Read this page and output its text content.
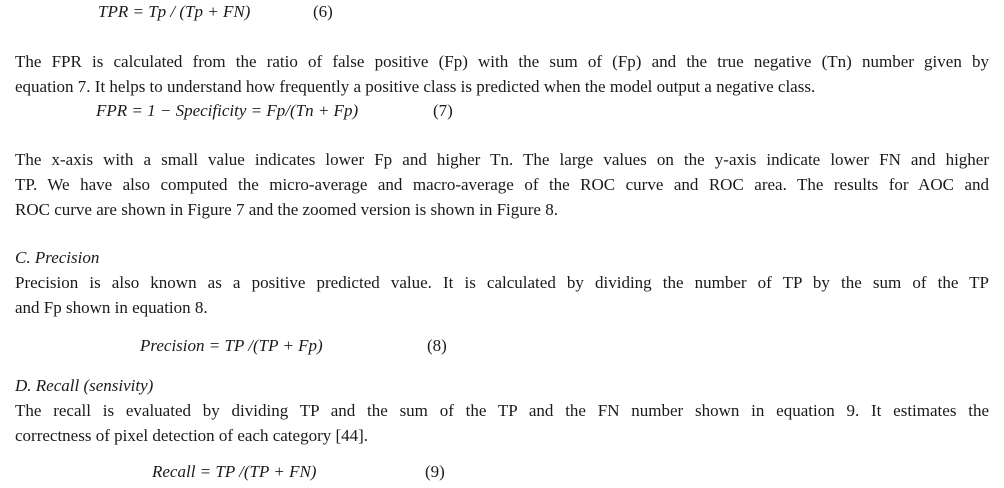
TPR = Tp / (Tp + FN)	(6)
The FPR is calculated from the ratio of false positive (Fp) with the sum of (Fp) and the true negative (Tn) number given by
equation 7. It helps to understand how frequently a positive class is predicted when the model output a negative class.
FPR = 1 − Specificity = Fp/(Tn + Fp)	(7)
The x-axis with a small value indicates lower Fp and higher Tn. The large values on the y-axis indicate lower FN and higher
TP. We have also computed the micro-average and macro-average of the ROC curve and ROC area. The results for AOC and
ROC curve are shown in Figure 7 and the zoomed version is shown in Figure 8.
C. Precision
Precision is also known as a positive predicted value. It is calculated by dividing the number of TP by the sum of the TP
and Fp shown in equation 8.
Precision = TP /(TP + Fp)	(8)
D. Recall (sensivity)
The recall is evaluated by dividing TP and the sum of the TP and the FN number shown in equation 9. It estimates the
correctness of pixel detection of each category [44].
Recall = TP /(TP + FN)	(9)
